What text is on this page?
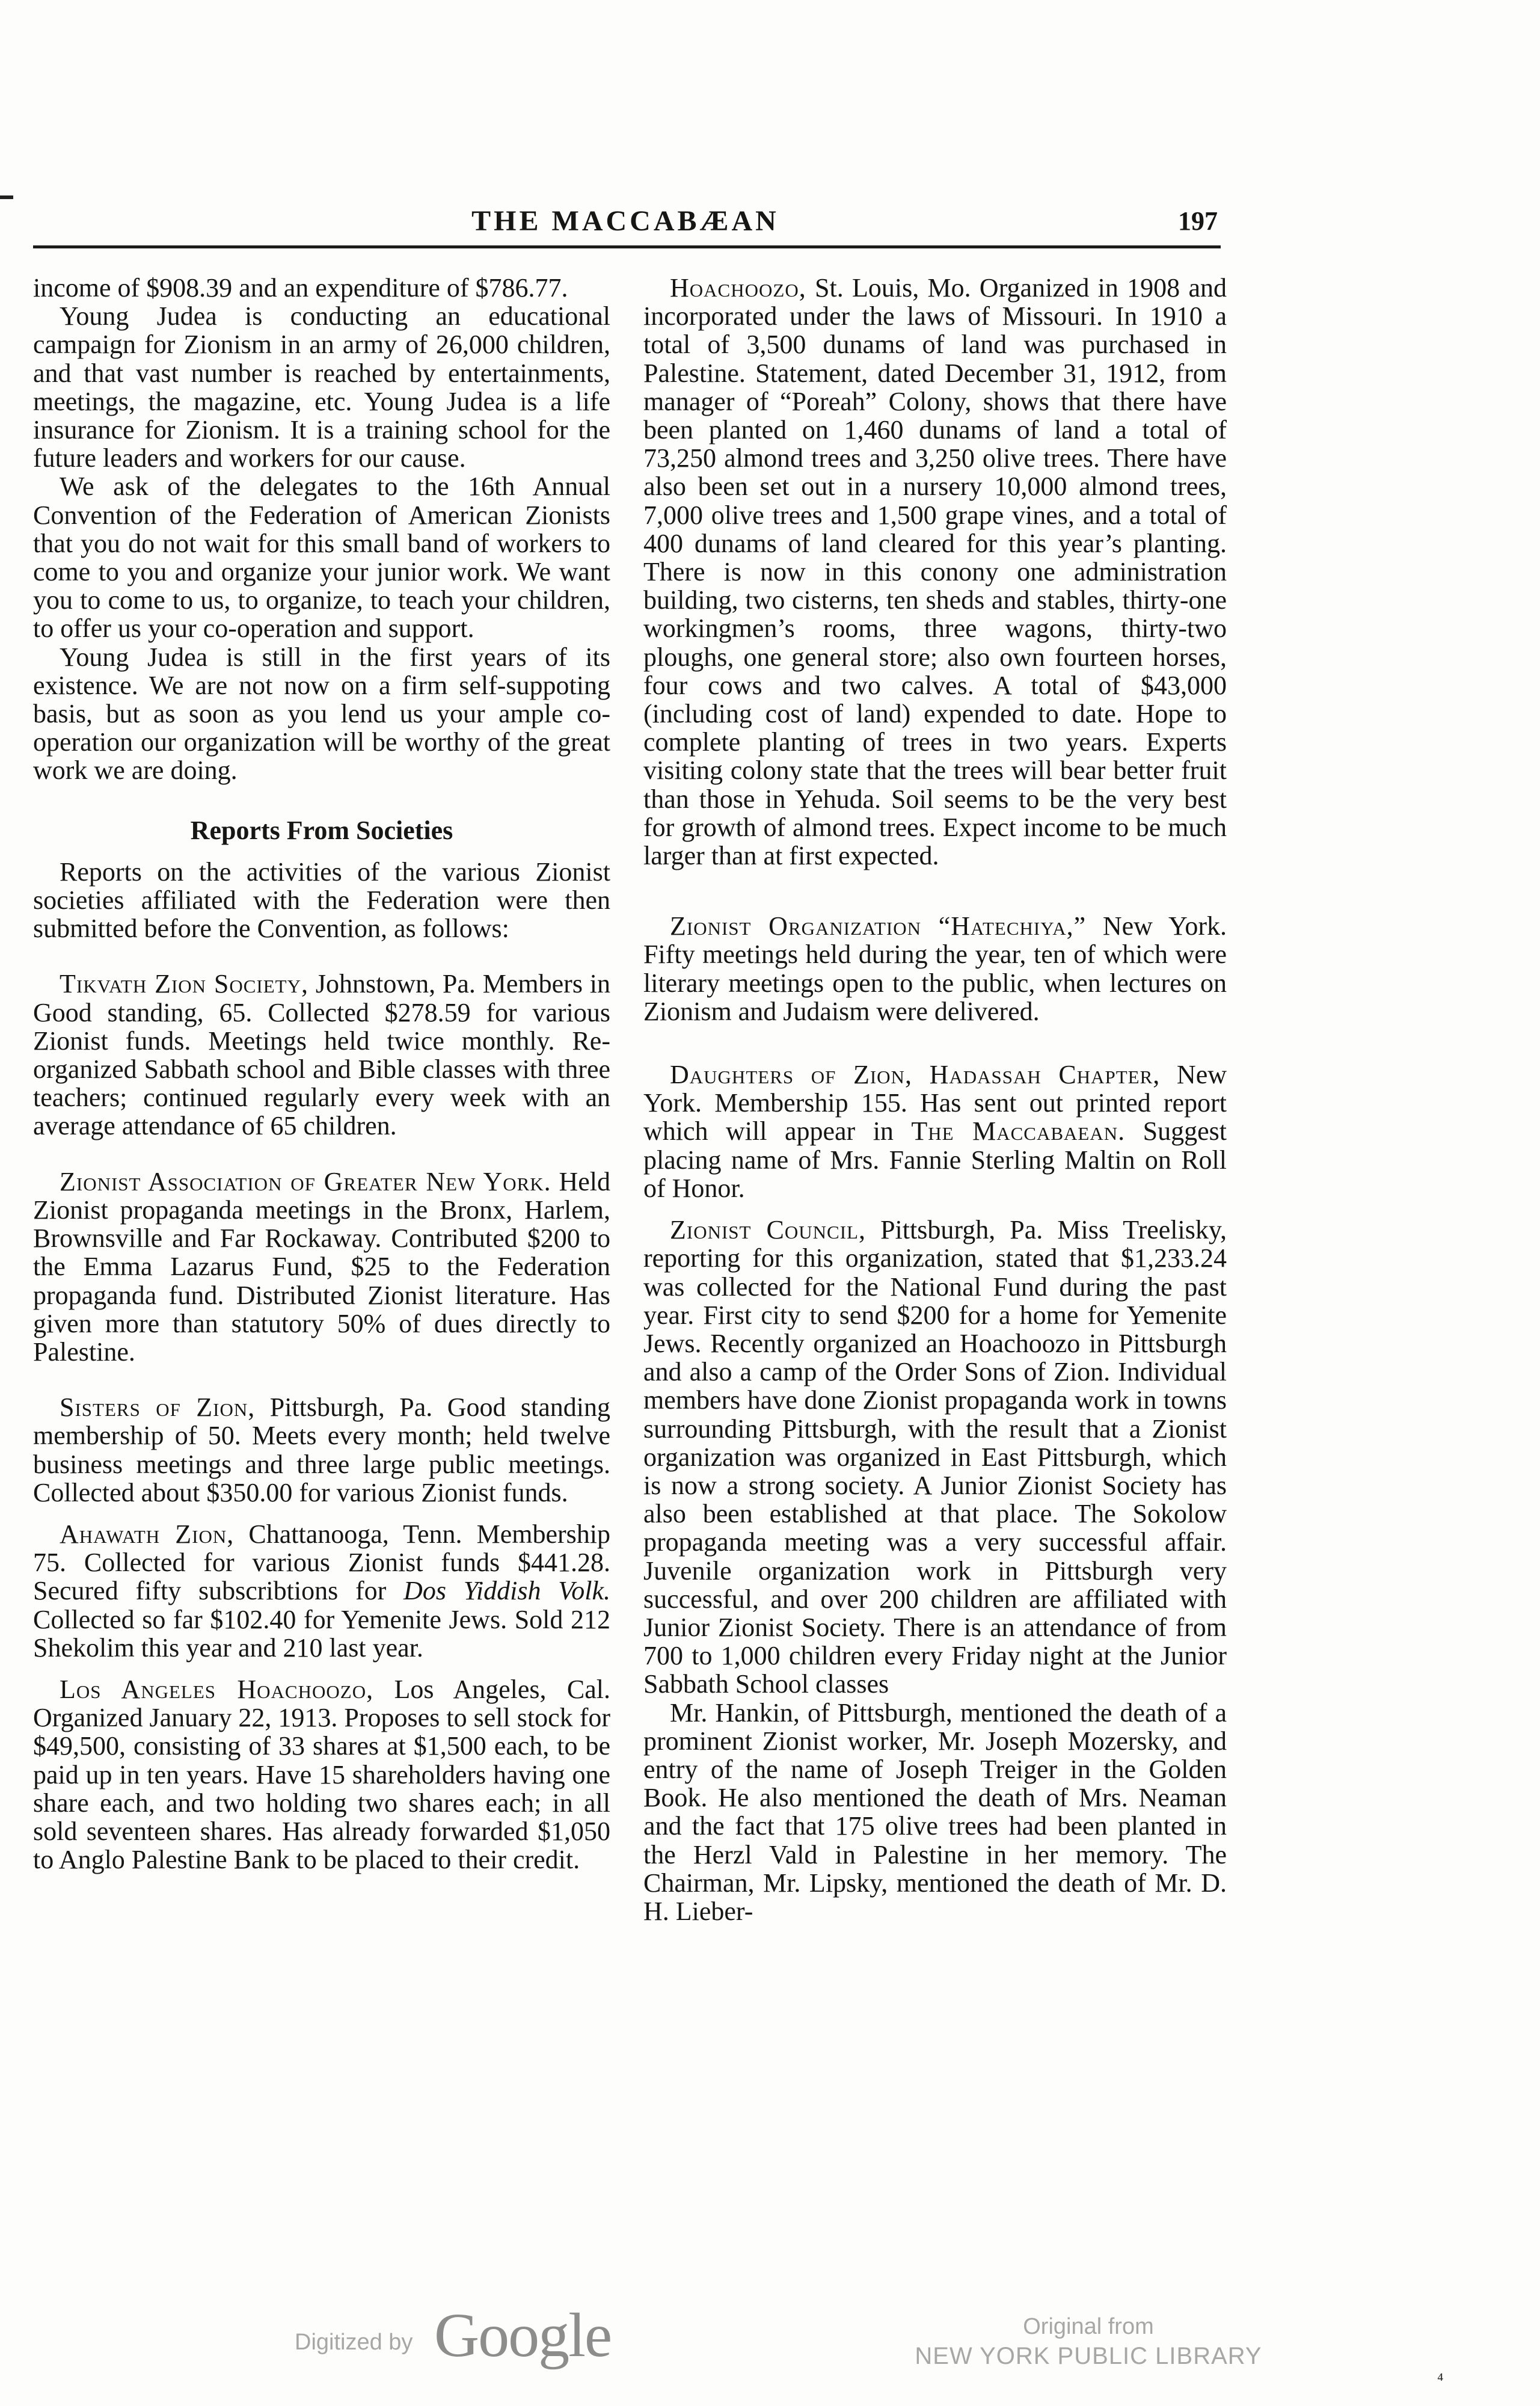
THE MACCABÆAN	197

income of $908.39 and an expenditure of $786.77.

Young Judea is conducting an educational campaign for Zionism in an army of 26,000 children, and that vast number is reached by entertainments, meetings, the magazine, etc. Young Judea is a life insurance for Zionism. It is a training school for the future leaders and workers for our cause.

We ask of the delegates to the 16th Annual Convention of the Federation of American Zionists that you do not wait for this small band of workers to come to you and organize your junior work. We want you to come to us, to organize, to teach your children, to offer us your co-operation and support.

Young Judea is still in the first years of its existence. We are not now on a firm self-suppoting basis, but as soon as you lend us your ample co-operation our organization will be worthy of the great work we are doing.

Reports From Societies

Reports on the activities of the various Zionist societies affiliated with the Federation were then submitted before the Convention, as follows:

Tikvath Zion Society, Johnstown, Pa. Members in Good standing, 65. Collected $278.59 for various Zionist funds. Meetings held twice monthly. Re-organized Sabbath school and Bible classes with three teachers; continued regularly every week with an average attendance of 65 children.

Zionist Association of Greater New York. Held Zionist propaganda meetings in the Bronx, Harlem, Brownsville and Far Rockaway. Contributed $200 to the Emma Lazarus Fund, $25 to the Federation propaganda fund. Distributed Zionist literature. Has given more than statutory 50% of dues directly to Palestine.

Sisters of Zion, Pittsburgh, Pa. Good standing membership of 50. Meets every month; held twelve business meetings and three large public meetings. Collected about $350.00 for various Zionist funds.

Ahawath Zion, Chattanooga, Tenn. Membership 75. Collected for various Zionist funds $441.28. Secured fifty subscribtions for Dos Yiddish Volk. Collected so far $102.40 for Yemenite Jews. Sold 212 Shekolim this year and 210 last year.

Los Angeles Hoachoozo, Los Angeles, Cal. Organized January 22, 1913. Proposes to sell stock for $49,500, consisting of 33 shares at $1,500 each, to be paid up in ten years. Have 15 shareholders having one share each, and two holding two shares each; in all sold seventeen shares. Has already forwarded $1,050 to Anglo Palestine Bank to be placed to their credit.

Hoachoozo, St. Louis, Mo. Organized in 1908 and incorporated under the laws of Missouri. In 1910 a total of 3,500 dunams of land was purchased in Palestine. Statement, dated December 31, 1912, from manager of “Poreah” Colony, shows that there have been planted on 1,460 dunams of land a total of 73,250 almond trees and 3,250 olive trees. There have also been set out in a nursery 10,000 almond trees, 7,000 olive trees and 1,500 grape vines, and a total of 400 dunams of land cleared for this year’s planting. There is now in this conony one administration building, two cisterns, ten sheds and stables, thirty-one workingmen’s rooms, three wagons, thirty-two ploughs, one general store; also own fourteen horses, four cows and two calves. A total of $43,000 (including cost of land) expended to date. Hope to complete planting of trees in two years. Experts visiting colony state that the trees will bear better fruit than those in Yehuda. Soil seems to be the very best for growth of almond trees. Expect income to be much larger than at first expected.

Zionist Organization “Hatechiya,” New York. Fifty meetings held during the year, ten of which were literary meetings open to the public, when lectures on Zionism and Judaism were delivered.

Daughters of Zion, Hadassah Chapter, New York. Membership 155. Has sent out printed report which will appear in The Maccabaean. Suggest placing name of Mrs. Fannie Sterling Maltin on Roll of Honor.

Zionist Council, Pittsburgh, Pa. Miss Treelisky, reporting for this organization, stated that $1,233.24 was collected for the National Fund during the past year. First city to send $200 for a home for Yemenite Jews. Recently organized an Hoachoozo in Pittsburgh and also a camp of the Order Sons of Zion. Individual members have done Zionist propaganda work in towns surrounding Pittsburgh, with the result that a Zionist organization was organized in East Pittsburgh, which is now a strong society. A Junior Zionist Society has also been established at that place. The Sokolow propaganda meeting was a very successful affair. Juvenile organization work in Pittsburgh very successful, and over 200 children are affiliated with Junior Zionist Society. There is an attendance of from 700 to 1,000 children every Friday night at the Junior Sabbath School classes

Mr. Hankin, of Pittsburgh, mentioned the death of a prominent Zionist worker, Mr. Joseph Mozersky, and entry of the name of Joseph Treiger in the Golden Book. He also mentioned the death of Mrs. Neaman and the fact that 175 olive trees had been planted in the Herzl Vald in Palestine in her memory. The Chairman, Mr. Lipsky, mentioned the death of Mr. D. H. Lieber-

Digitized by Google	Original from
NEW YORK PUBLIC LIBRARY
⁴
